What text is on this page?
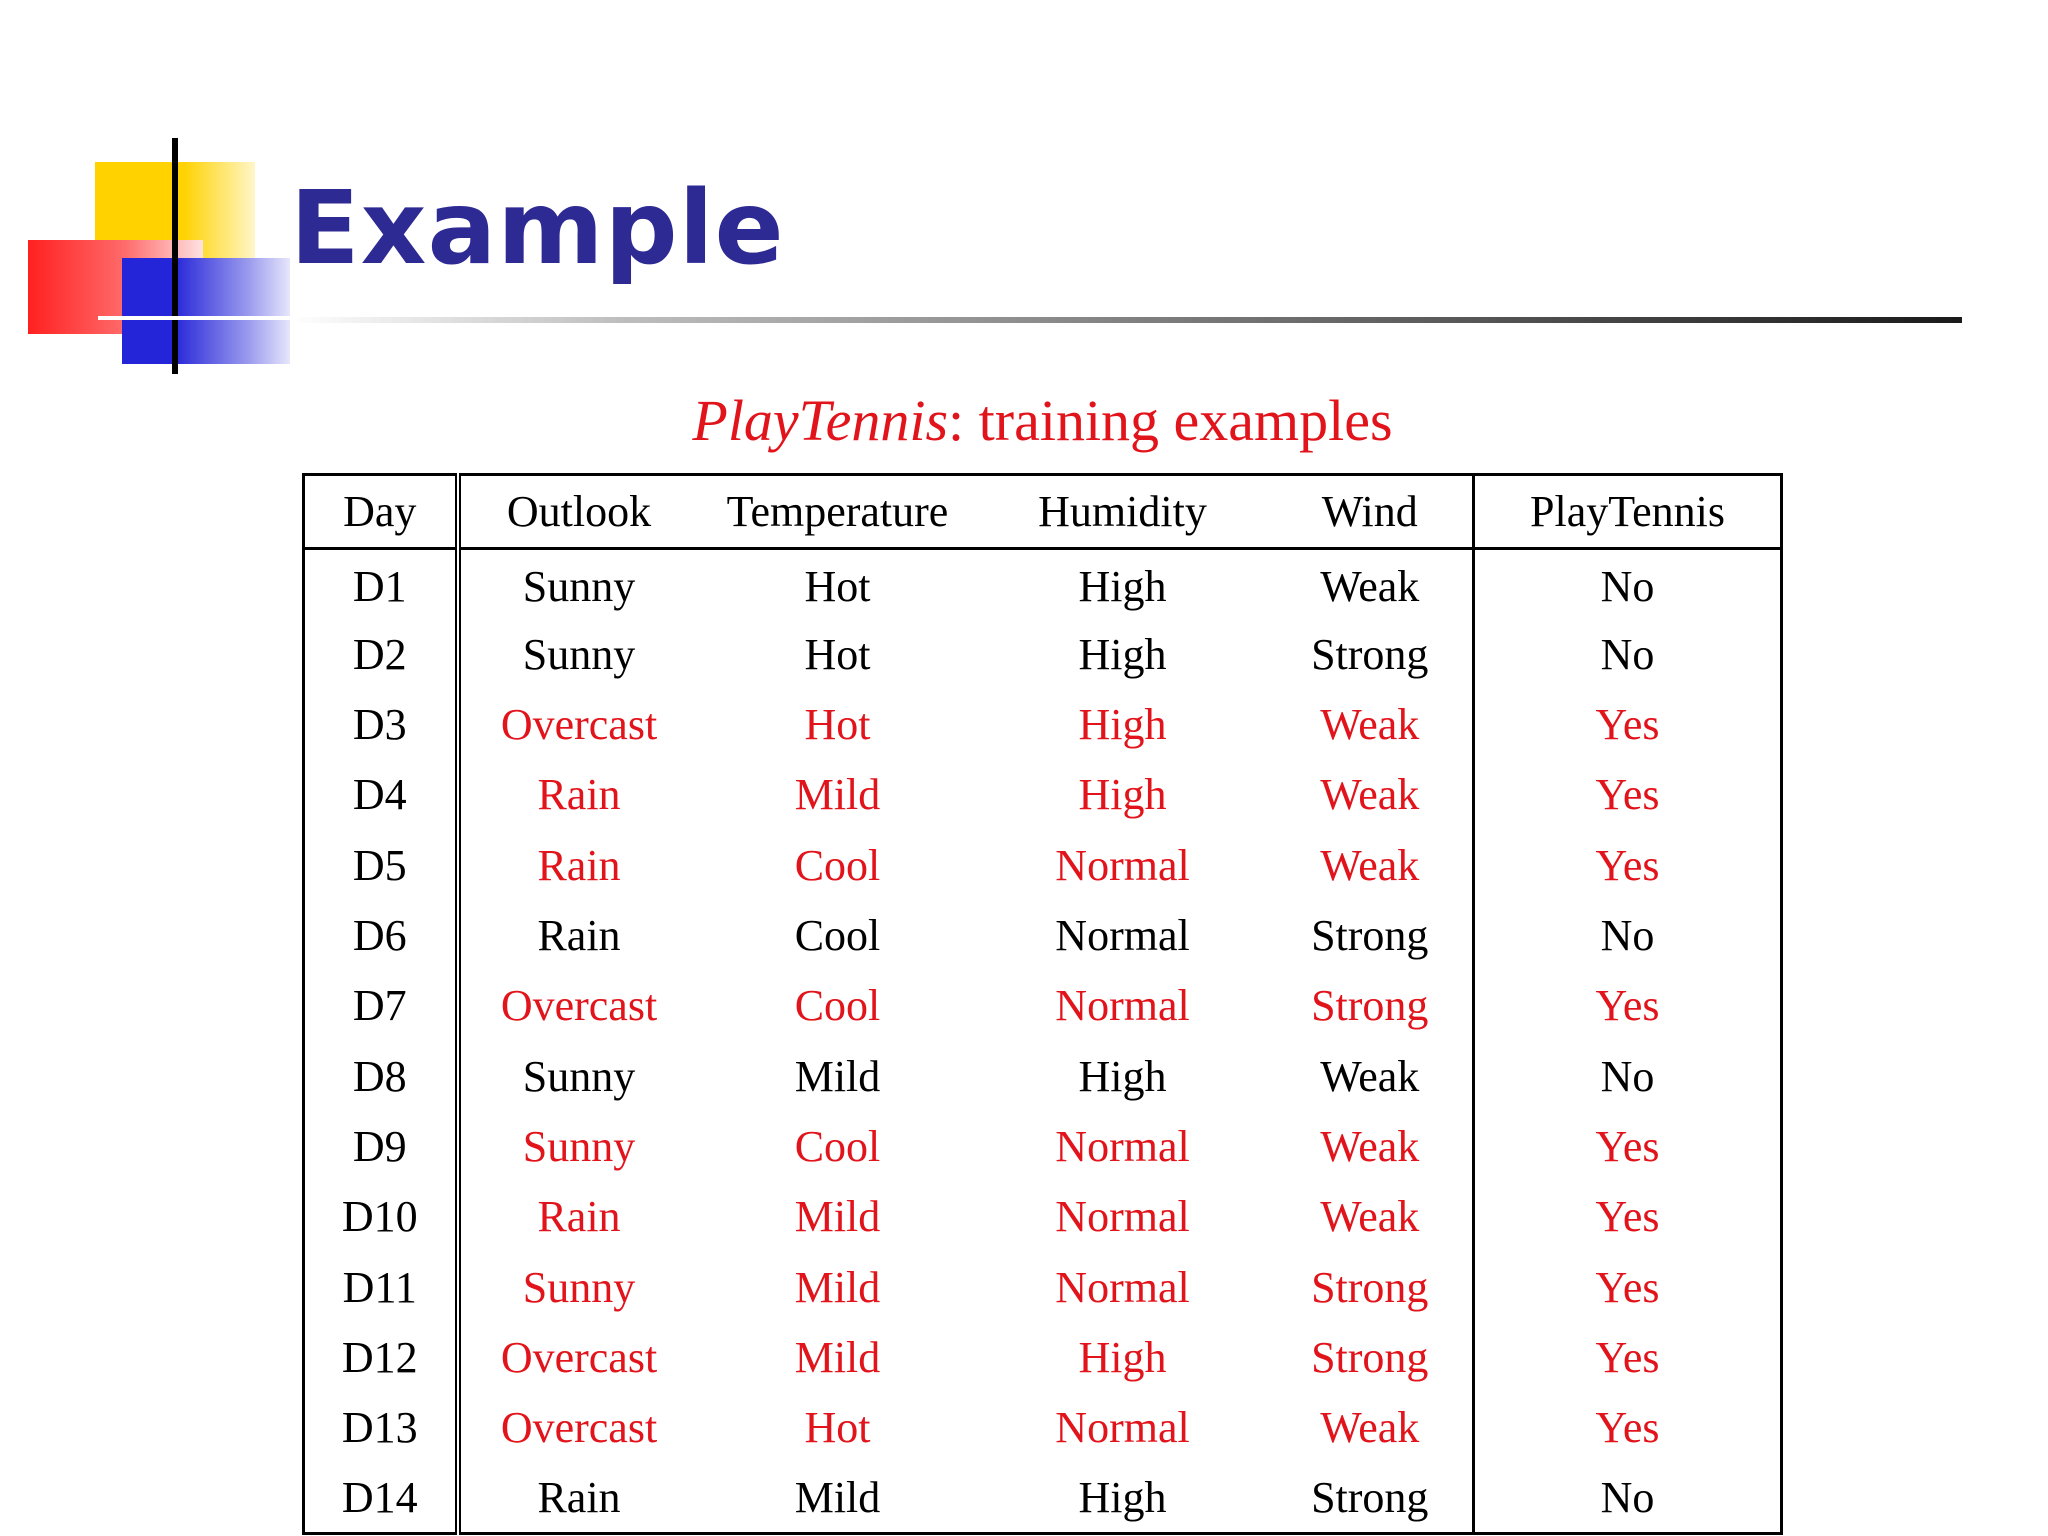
Example
PlayTennis: training examples
Day	Outlook	Temperature	Humidity	Wind	PlayTennis
D1	Sunny	Hot	High	Weak	No
D2	Sunny	Hot	High	Strong	No
D3	Overcast	Hot	High	Weak	Yes
D4	Rain	Mild	High	Weak	Yes
D5	Rain	Cool	Normal	Weak	Yes
D6	Rain	Cool	Normal	Strong	No
D7	Overcast	Cool	Normal	Strong	Yes
D8	Sunny	Mild	High	Weak	No
D9	Sunny	Cool	Normal	Weak	Yes
D10	Rain	Mild	Normal	Weak	Yes
D11	Sunny	Mild	Normal	Strong	Yes
D12	Overcast	Mild	High	Strong	Yes
D13	Overcast	Hot	Normal	Weak	Yes
D14	Rain	Mild	High	Strong	No
